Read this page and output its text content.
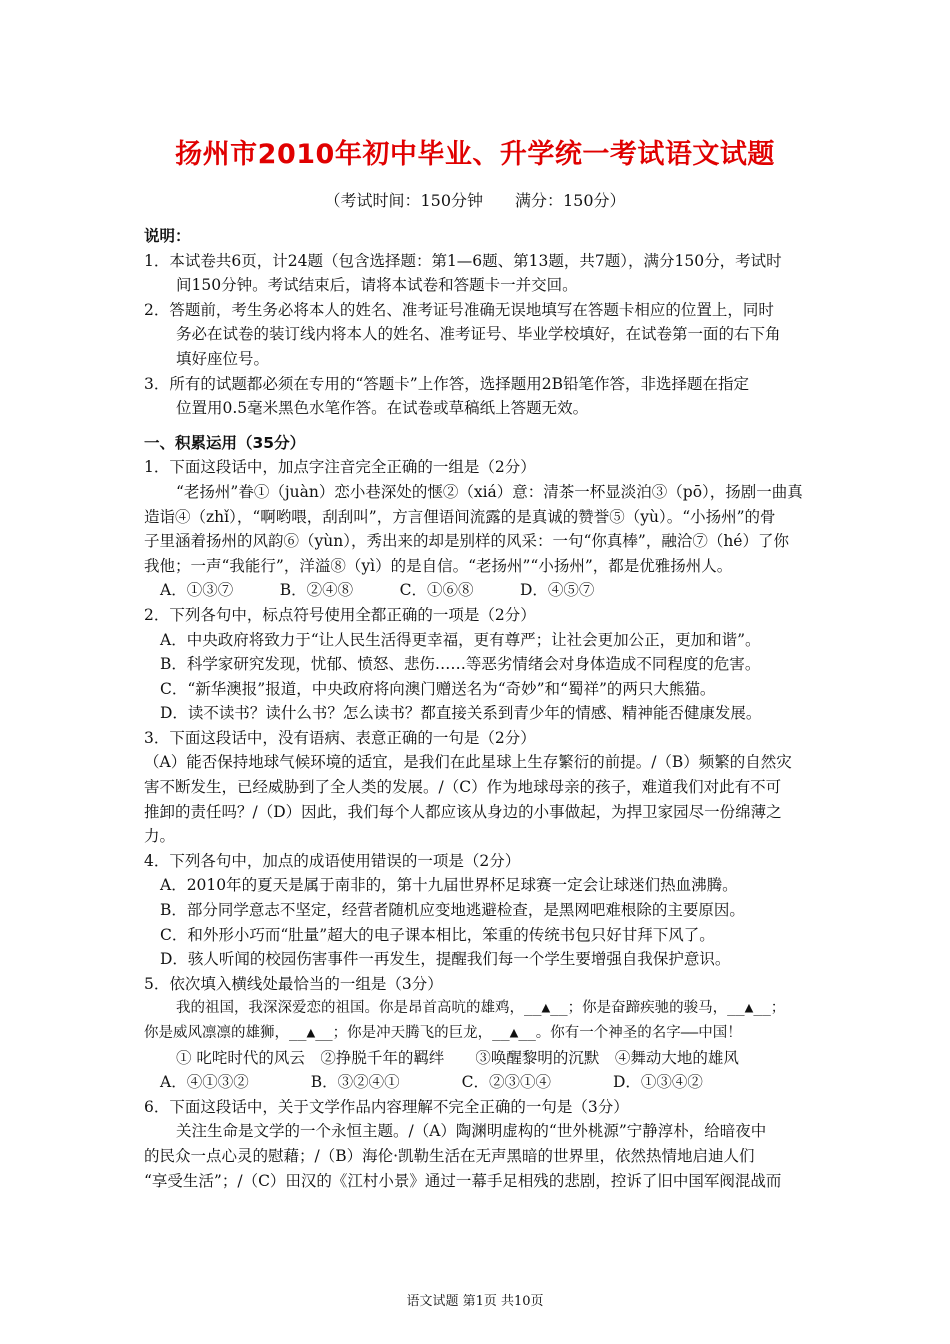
扬州市2010年初中毕业、升学统一考试语文试题
（考试时间：150分钟　　满分：150分）
说明：
1．本试卷共6页，计24题（包含选择题：第1—6题、第13题，共7题），满分150分，考试时
间150分钟。考试结束后，请将本试卷和答题卡一并交回。
2．答题前，考生务必将本人的姓名、准考证号准确无误地填写在答题卡相应的位置上，同时
务必在试卷的装订线内将本人的姓名、准考证号、毕业学校填好，在试卷第一面的右下角
填好座位号。
3．所有的试题都必须在专用的“答题卡”上作答，选择题用2B铅笔作答，非选择题在指定
位置用0.5毫米黑色水笔作答。在试卷或草稿纸上答题无效。
一、积累运用（35分）
1．下面这段话中，加点字注音完全正确的一组是（2分）
“老扬州”眷①（juàn）恋小巷深处的惬②（xiá）意：清茶一杯显淡泊③（pō），扬剧一曲真
造诣④（zhǐ），“啊哟喂，刮刮叫”，方言俚语间流露的是真诚的赞誉⑤（yù）。“小扬州”的骨
子里涵着扬州的风韵⑥（yùn），秀出来的却是别样的风采：一句“你真棒”，融洽⑦（hé）了你
我他；一声“我能行”，洋溢⑧（yì）的是自信。“老扬州”“小扬州”，都是优雅扬州人。
A．①③⑦　　　B．②④⑧　　　C．①⑥⑧　　　D．④⑤⑦
2．下列各句中，标点符号使用全都正确的一项是（2分）
A．中央政府将致力于“让人民生活得更幸福，更有尊严；让社会更加公正，更加和谐”。
B．科学家研究发现，忧郁、愤怒、悲伤……等恶劣情绪会对身体造成不同程度的危害。
C．“新华澳报”报道，中央政府将向澳门赠送名为“奇妙”和“蜀祥”的两只大熊猫。
D．读不读书？读什么书？怎么读书？都直接关系到青少年的情感、精神能否健康发展。
3．下面这段话中，没有语病、表意正确的一句是（2分）
（A）能否保持地球气候环境的适宜，是我们在此星球上生存繁衍的前提。/（B）频繁的自然灾
害不断发生，已经威胁到了全人类的发展。/（C）作为地球母亲的孩子，难道我们对此有不可
推卸的责任吗？/（D）因此，我们每个人都应该从身边的小事做起，为捍卫家园尽一份绵薄之
力。
4．下列各句中，加点的成语使用错误的一项是（2分）
A．2010年的夏天是属于南非的，第十九届世界杯足球赛一定会让球迷们热血沸腾。
B．部分同学意志不坚定，经营者随机应变地逃避检查，是黑网吧难根除的主要原因。
C．和外形小巧而“肚量”超大的电子课本相比，笨重的传统书包只好甘拜下风了。
D．骇人听闻的校园伤害事件一再发生，提醒我们每一个学生要增强自我保护意识。
5．依次填入横线处最恰当的一组是（3分）
我的祖国，我深深爱恋的祖国。你是昂首高吭的雄鸡，__▲__；你是奋蹄疾驰的骏马，__▲__；
你是威风凛凛的雄狮，__▲__；你是冲天腾飞的巨龙，__▲__。你有一个神圣的名字——中国！
① 叱咤时代的风云　②挣脱千年的羁绊　　③唤醒黎明的沉默　④舞动大地的雄风
A．④①③②　　　　B．③②④①　　　　C．②③①④　　　　D．①③④②
6．下面这段话中，关于文学作品内容理解不完全正确的一句是（3分）
关注生命是文学的一个永恒主题。/（A）陶渊明虚构的“世外桃源”宁静淳朴，给暗夜中
的民众一点心灵的慰藉；/（B）海伦·凯勒生活在无声黑暗的世界里，依然热情地启迪人们
“享受生活”；/（C）田汉的《江村小景》通过一幕手足相残的悲剧，控诉了旧中国军阀混战而
语文试题 第1页 共10页
